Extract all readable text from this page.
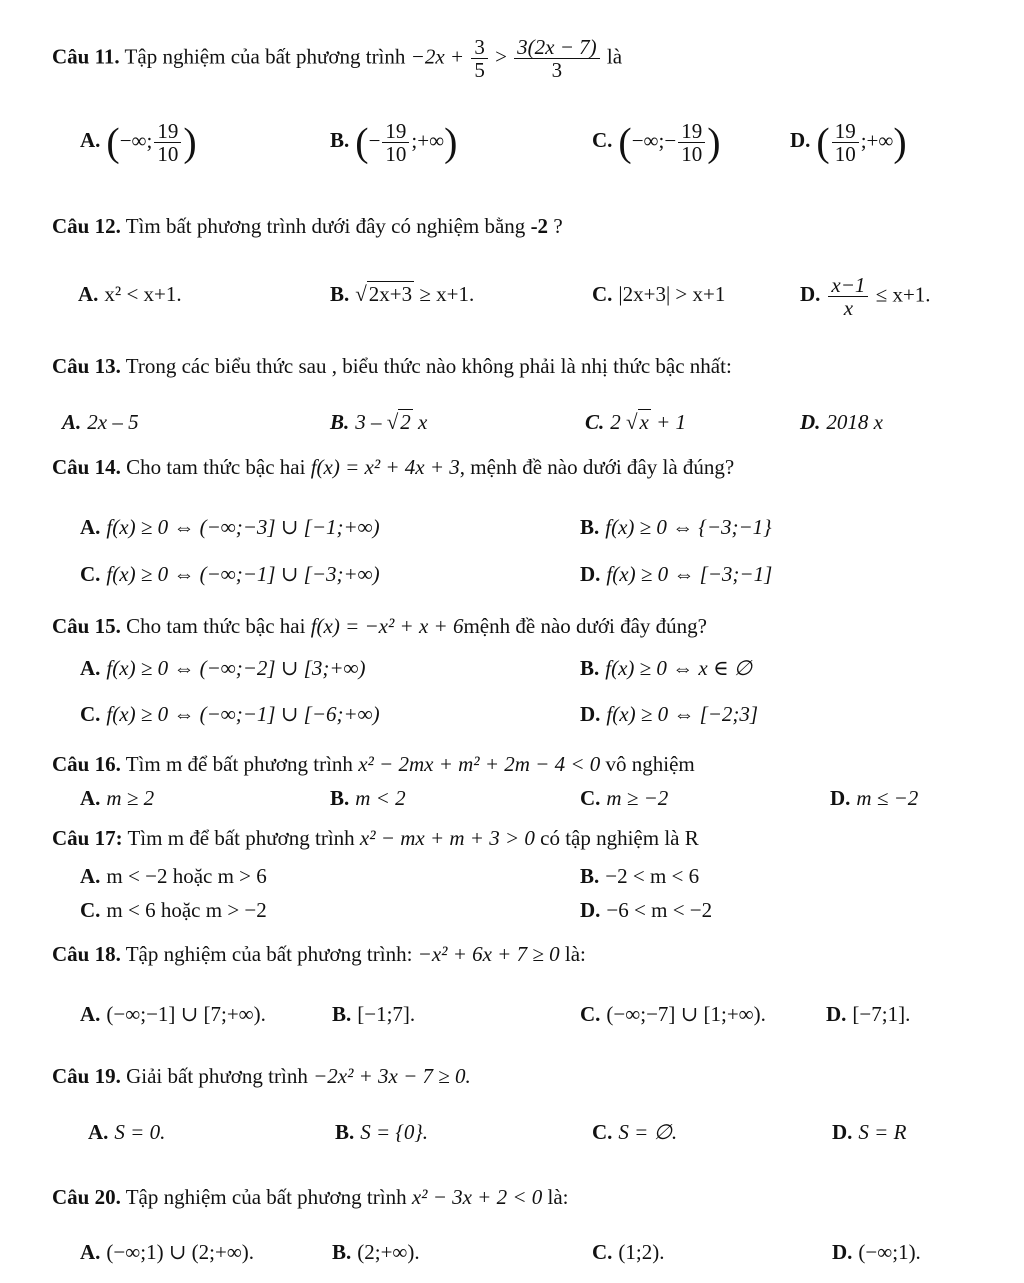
Câu 11. Tập nghiệm của bất phương trình $-2x + \frac{3}{5} > \frac{3(2x - 7)}{3}$ là
A. (−∞; $\frac{19}{10}$ )	B. (− $\frac{19}{10}$ ;+∞)	C. (−∞;− $\frac{19}{10}$ )	D. ( $\frac{19}{10}$ ;+∞)
Câu 12. Tìm bất phương trình dưới đây có nghiệm bằng -2 ?
A. x² < x+1.	B. √2x+3 ≥ x+1.	C. |2x+3| > x+1	D. $\frac{x-1}{x} \le x+1$.
Câu 13. Trong các biểu thức sau , biểu thức nào không phải là nhị thức bậc nhất:
A. 2x – 5	B. 3 – √2 x	C. 2 √x + 1	D. 2018 x
Câu 14. Cho tam thức bậc hai f(x) = x² + 4x + 3, mệnh đề nào dưới đây là đúng?
A. f(x) ≥ 0 ⇔ (−∞;−3] ∪ [−1;+∞)	B. f(x) ≥ 0 ⇔ {−3;−1}
C. f(x) ≥ 0 ⇔ (−∞;−1] ∪ [−3;+∞)	D. f(x) ≥ 0 ⇔ [−3;−1]
Câu 15. Cho tam thức bậc hai f(x) = −x² + x + 6mệnh đề nào dưới đây đúng?
A. f(x) ≥ 0 ⇔ (−∞;−2] ∪ [3;+∞)	B. f(x) ≥ 0 ⇔ x ∈ ∅
C. f(x) ≥ 0 ⇔ (−∞;−1] ∪ [−6;+∞)	D. f(x) ≥ 0 ⇔ [−2;3]
Câu 16. Tìm m để bất phương trình x² − 2mx + m² + 2m − 4 < 0 vô nghiệm
A. m ≥ 2	B. m < 2	C. m ≥ −2	D. m ≤ −2
Câu 17: Tìm m để bất phương trình x² − mx + m + 3 > 0 có tập nghiệm là R
A. m < −2 hoặc m > 6	B. −2 < m < 6
C. m < 6 hoặc m > −2	D. −6 < m < −2
Câu 18. Tập nghiệm của bất phương trình: −x² + 6x + 7 ≥ 0 là:
A. (−∞;−1] ∪ [7;+∞).	B. [−1;7].	C. (−∞;−7] ∪ [1;+∞).	D. [−7;1].
Câu 19. Giải bất phương trình −2x² + 3x − 7 ≥ 0.
A. S = 0.	B. S = {0}.	C. S = ∅.	D. S = R
Câu 20. Tập nghiệm của bất phương trình x² − 3x + 2 < 0 là:
A. (−∞;1) ∪ (2;+∞).	B. (2;+∞).	C. (1;2).	D. (−∞;1).
